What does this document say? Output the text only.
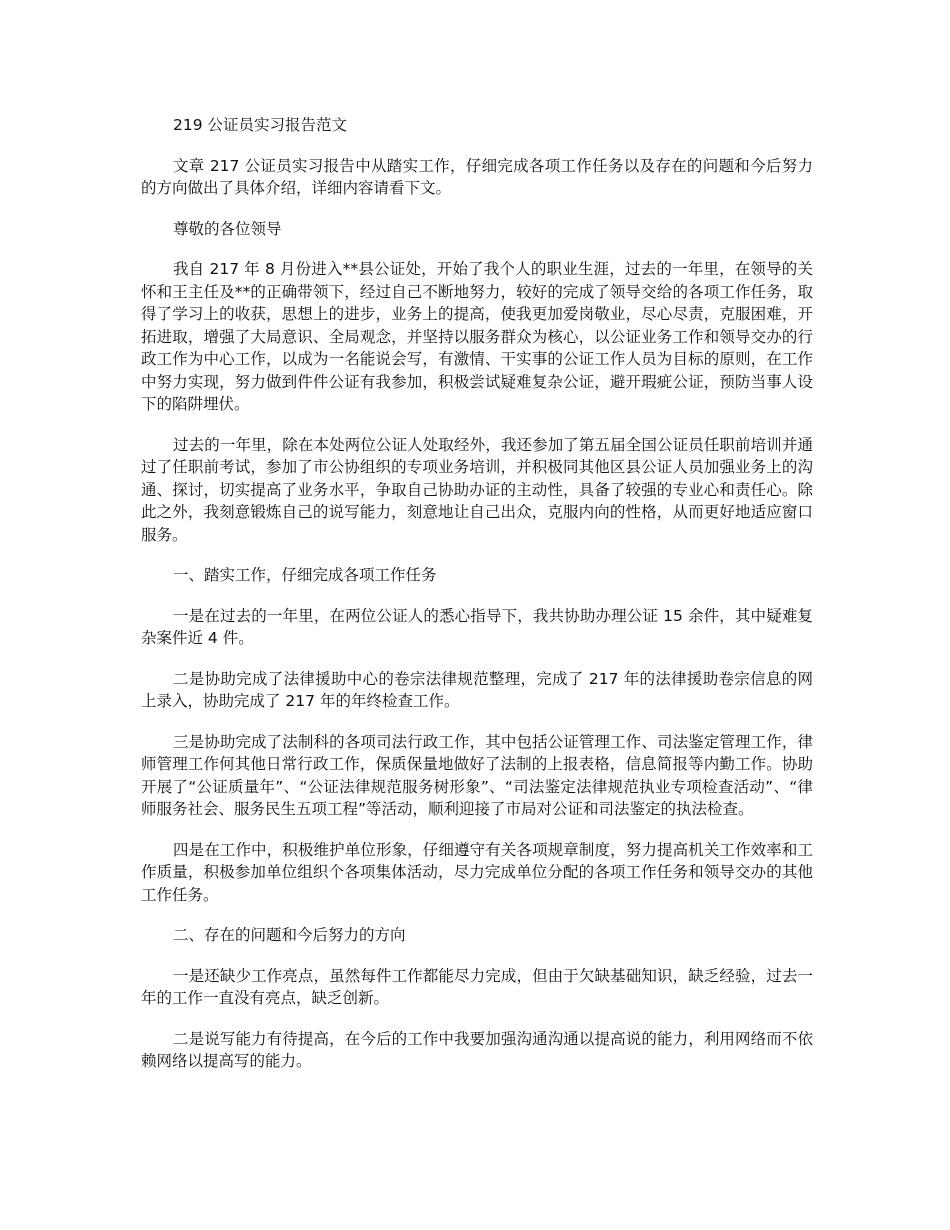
219 公证员实习报告范文

文章 217 公证员实习报告中从踏实工作，仔细完成各项工作任务以及存在的问题和今后努力的方向做出了具体介绍，详细内容请看下文。

尊敬的各位领导

我自 217 年 8 月份进入**县公证处，开始了我个人的职业生涯，过去的一年里，在领导的关怀和王主任及**的正确带领下，经过自己不断地努力，较好的完成了领导交给的各项工作任务，取得了学习上的收获，思想上的进步，业务上的提高，使我更加爱岗敬业，尽心尽责，克服困难，开拓进取，增强了大局意识、全局观念，并坚持以服务群众为核心，以公证业务工作和领导交办的行政工作为中心工作，以成为一名能说会写，有激情、干实事的公证工作人员为目标的原则，在工作中努力实现，努力做到件件公证有我参加，积极尝试疑难复杂公证，避开瑕疵公证，预防当事人设下的陷阱埋伏。

过去的一年里，除在本处两位公证人处取经外，我还参加了第五届全国公证员任职前培训并通过了任职前考试，参加了市公协组织的专项业务培训，并积极同其他区县公证人员加强业务上的沟通、探讨，切实提高了业务水平，争取自己协助办证的主动性，具备了较强的专业心和责任心。除此之外，我刻意锻炼自己的说写能力，刻意地让自己出众，克服内向的性格，从而更好地适应窗口服务。

一、踏实工作，仔细完成各项工作任务

一是在过去的一年里，在两位公证人的悉心指导下，我共协助办理公证 15 余件，其中疑难复杂案件近 4 件。

二是协助完成了法律援助中心的卷宗法律规范整理，完成了 217 年的法律援助卷宗信息的网上录入，协助完成了 217 年的年终检查工作。

三是协助完成了法制科的各项司法行政工作，其中包括公证管理工作、司法鉴定管理工作，律师管理工作何其他日常行政工作，保质保量地做好了法制的上报表格，信息简报等内勤工作。协助开展了“公证质量年”、“公证法律规范服务树形象”、“司法鉴定法律规范执业专项检查活动”、“律师服务社会、服务民生五项工程”等活动，顺利迎接了市局对公证和司法鉴定的执法检查。

四是在工作中，积极维护单位形象，仔细遵守有关各项规章制度，努力提高机关工作效率和工作质量，积极参加单位组织个各项集体活动，尽力完成单位分配的各项工作任务和领导交办的其他工作任务。

二、存在的问题和今后努力的方向

一是还缺少工作亮点，虽然每件工作都能尽力完成，但由于欠缺基础知识，缺乏经验，过去一年的工作一直没有亮点，缺乏创新。

二是说写能力有待提高，在今后的工作中我要加强沟通沟通以提高说的能力，利用网络而不依赖网络以提高写的能力。
